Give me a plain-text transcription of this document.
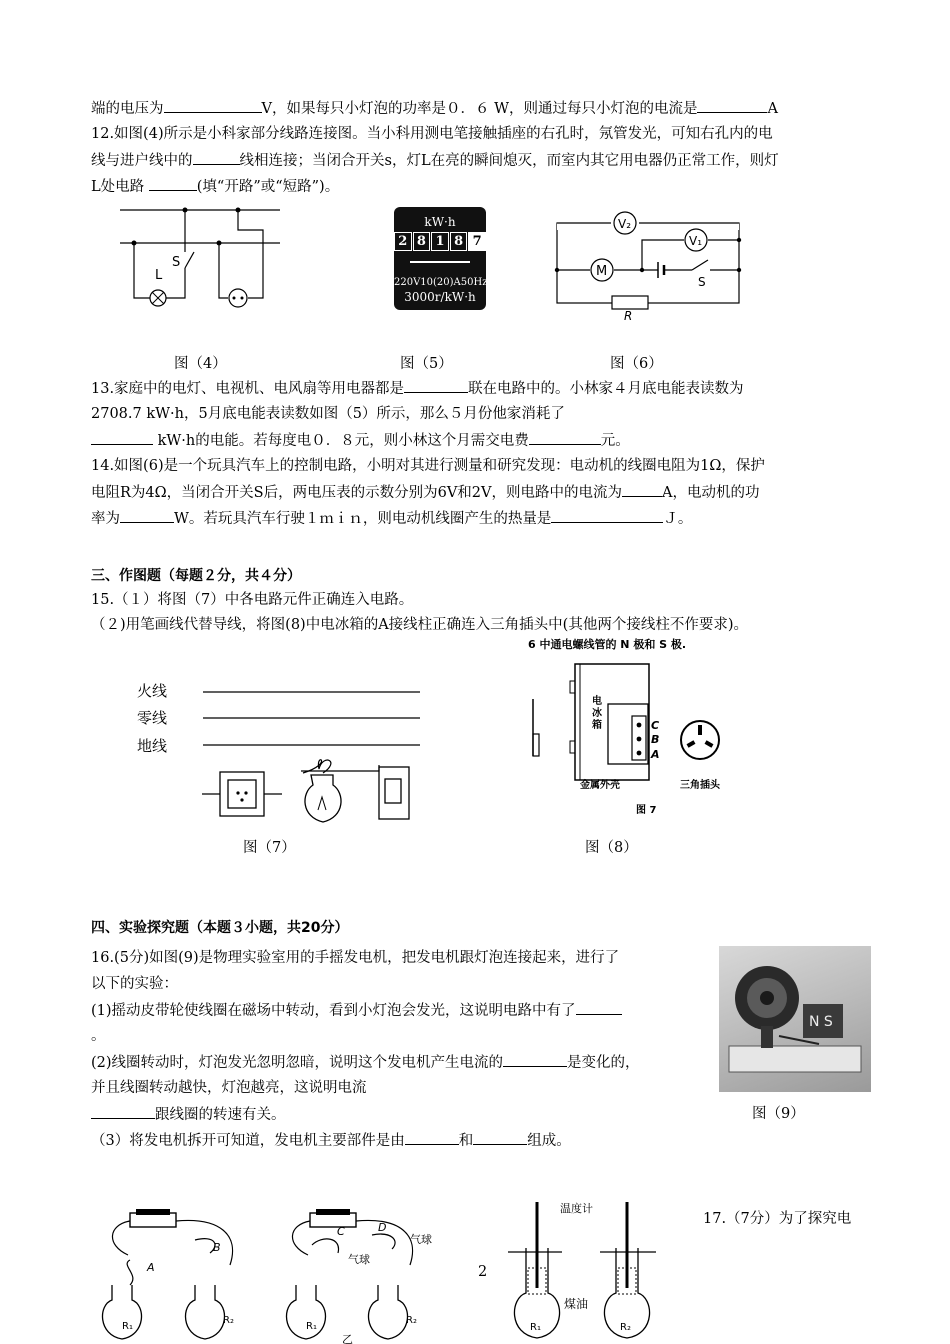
端的电压为	V，如果每只小灯泡的功率是０．６ W，则通过每只小灯泡的电流是	A
12.如图(4)所示是小科家部分线路连接图。当小科用测电笔接触插座的右孔时，氖管发光，可知右孔内的电
线与进户线中的	线相连接；当闭合开关s，灯L在亮的瞬间熄灭，而室内其它用电器仍正常工作，则灯
L处电路	(填“开路”或“短路”)。
L
S
kW·h
2 8 1 8 7
220V10(20)A50Hz
3000r/kW·h
V₂
V₁
M
S
R
图（4）	图（5）	图（6）
13.家庭中的电灯、电视机、电风扇等用电器都是	联在电路中的。小林家４月底电能表读数为
2708.7 kW·h，5月底电能表读数如图（5）所示，那么５月份他家消耗了
kW·h的电能。若每度电０．８元，则小林这个月需交电费	元。
14.如图(6)是一个玩具汽车上的控制电路，小明对其进行测量和研究发现：电动机的线圈电阻为1Ω，保护
电阻R为4Ω，当闭合开关S后，两电压表的示数分别为6V和2V，则电路中的电流为	A，电动机的功
率为	W。若玩具汽车行驶１ｍｉｎ，则电动机线圈产生的热量是	Ｊ。
三、作图题（每题２分，共４分）
15.（１）将图（7）中各电路元件正确连入电路。
（２)用笔画线代替导线，将图(8)中电冰箱的A接线柱正确连入三角插头中(其他两个接线柱不作要求)。
火线
零线
地线
6 中通电螺线管的 N 极和 S 极.
电冰箱	C
B
A
金属外壳	三角插头
图 7
图（7）	图（8）
四、实验探究题（本题３小题，共20分）
16.(5分)如图(9)是物理实验室用的手摇发电机，把发电机跟灯泡连接起来，进行了
以下的实验：
(1)摇动皮带轮使线圈在磁场中转动，看到小灯泡会发光，这说明电路中有了
。
(2)线圈转动时，灯泡发光忽明忽暗，说明这个发电机产生电流的	是变化的，
并且线圈转动越快，灯泡越亮，这说明电流
跟线圈的转速有关。
（3）将发电机拆开可知道，发电机主要部件是由	和	组成。
N S
图（9）
A
B
R₁
R₂
C	D
气球
气球
R₁
R₂
乙
温度计
煤油
R₁	R₂
17.（7分）为了探究电
2
